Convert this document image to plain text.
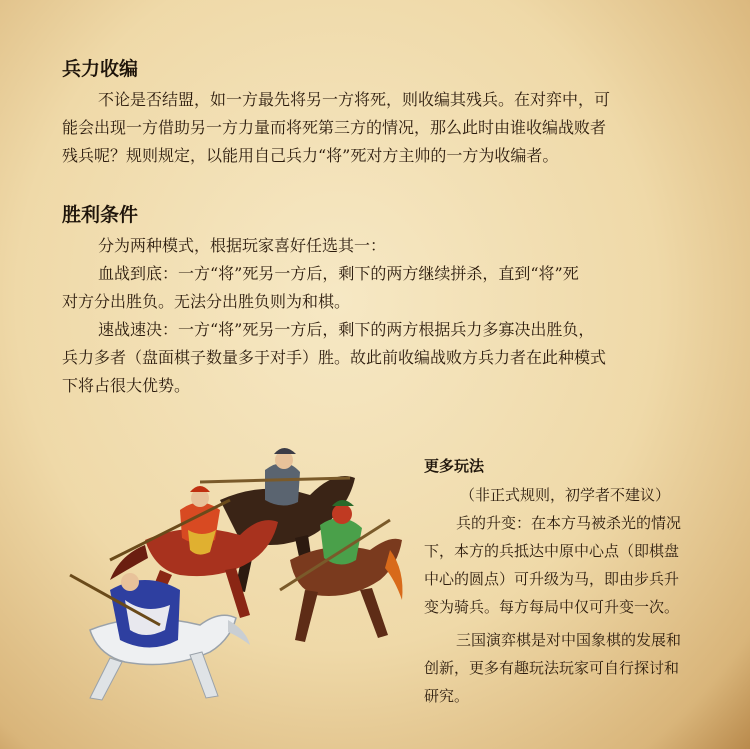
兵力收编
不论是否结盟，如一方最先将另一方将死，则收编其残兵。在对弈中，可
能会出现一方借助另一方力量而将死第三方的情况，那么此时由谁收编战败者
残兵呢？规则规定，以能用自己兵力“将”死对方主帅的一方为收编者。
胜利条件
分为两种模式，根据玩家喜好任选其一：
血战到底：一方“将”死另一方后，剩下的两方继续拼杀，直到“将”死
对方分出胜负。无法分出胜负则为和棋。
速战速决：一方“将”死另一方后，剩下的两方根据兵力多寡决出胜负，
兵力多者（盘面棋子数量多于对手）胜。故此前收编战败方兵力者在此种模式
下将占很大优势。
更多玩法
（非正式规则，初学者不建议）
兵的升变：在本方马被杀光的情况
下，本方的兵抵达中原中心点（即棋盘
中心的圆点）可升级为马，即由步兵升
变为骑兵。每方每局中仅可升变一次。
三国演弈棋是对中国象棋的发展和
创新，更多有趣玩法玩家可自行探讨和
研究。
